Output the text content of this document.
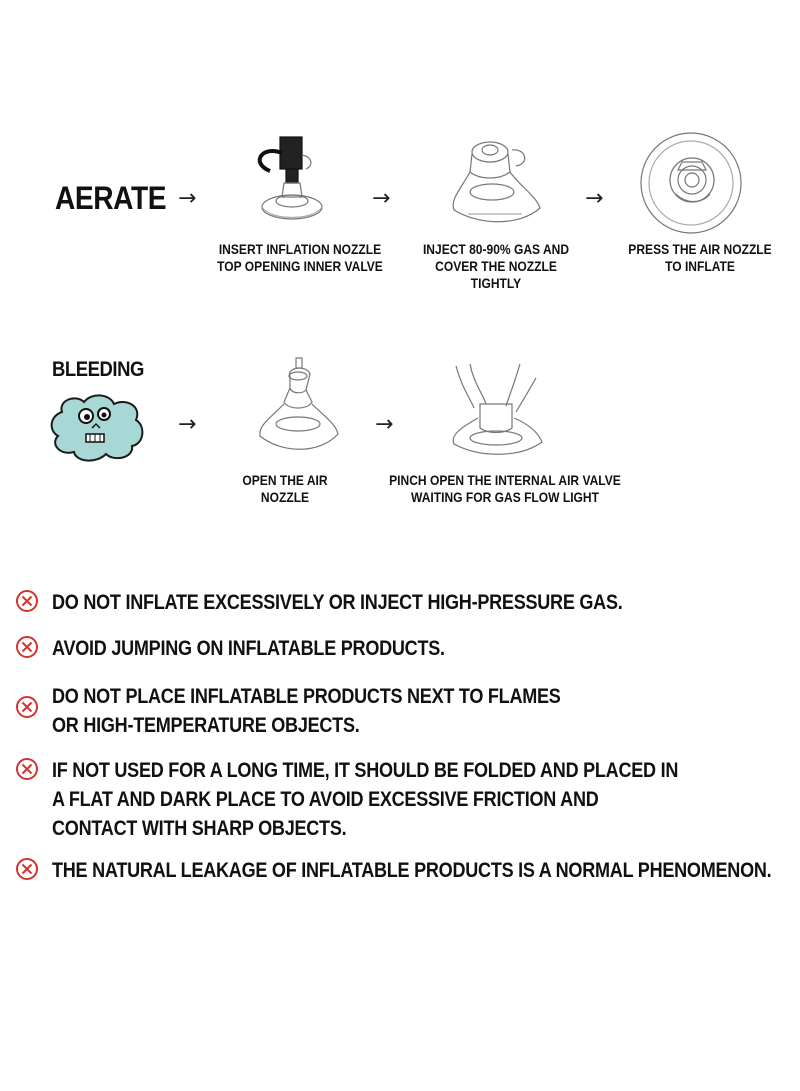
AERATE →	→	→
INSERT INFLATION NOZZLE
TOP OPENING INNER VALVE
INJECT 80-90% GAS AND
COVER THE NOZZLE TIGHTLY
PRESS THE AIR NOZZLE
TO INFLATE
BLEEDING
→	→
OPEN THE AIR
NOZZLE
PINCH OPEN THE INTERNAL AIR VALVE
WAITING FOR GAS FLOW LIGHT
DO NOT INFLATE EXCESSIVELY OR INJECT HIGH-PRESSURE GAS.
AVOID JUMPING ON INFLATABLE PRODUCTS.
DO NOT PLACE INFLATABLE PRODUCTS NEXT TO FLAMES
OR HIGH-TEMPERATURE OBJECTS.
IF NOT USED FOR A LONG TIME, IT SHOULD BE FOLDED AND PLACED IN
A FLAT AND DARK PLACE TO AVOID EXCESSIVE FRICTION AND
CONTACT WITH SHARP OBJECTS.
THE NATURAL LEAKAGE OF INFLATABLE PRODUCTS IS A NORMAL PHENOMENON.
